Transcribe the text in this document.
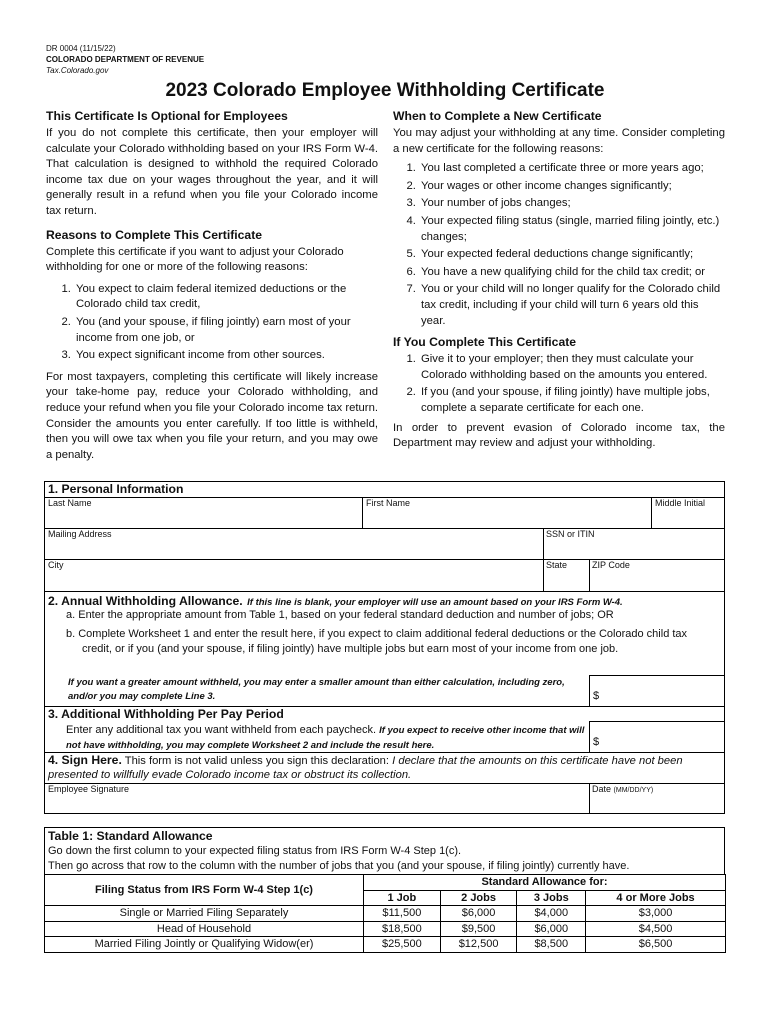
DR 0004 (11/15/22)
COLORADO DEPARTMENT OF REVENUE
Tax.Colorado.gov
2023 Colorado Employee Withholding Certificate
This Certificate Is Optional for Employees

If you do not complete this certificate, then your employer will calculate your Colorado withholding based on your IRS Form W-4. That calculation is designed to withhold the required Colorado income tax due on your wages throughout the year, and it will generally result in a refund when you file your Colorado income tax return.

Reasons to Complete This Certificate

Complete this certificate if you want to adjust your Colorado withholding for one or more of the following reasons:

1. You expect to claim federal itemized deductions or the Colorado child tax credit,
2. You (and your spouse, if filing jointly) earn most of your income from one job, or
3. You expect significant income from other sources.

For most taxpayers, completing this certificate will likely increase your take-home pay, reduce your Colorado withholding, and reduce your refund when you file your Colorado income tax return. Consider the amounts you enter carefully. If too little is withheld, then you will owe tax when you file your return, and you may owe a penalty.

When to Complete a New Certificate

You may adjust your withholding at any time. Consider completing a new certificate for the following reasons:

1. You last completed a certificate three or more years ago;
2. Your wages or other income changes significantly;
3. Your number of jobs changes;
4. Your expected filing status (single, married filing jointly, etc.) changes;
5. Your expected federal deductions change significantly;
6. You have a new qualifying child for the child tax credit; or
7. You or your child will no longer qualify for the Colorado child tax credit, including if your child will turn 6 years old this year.
If You Complete This Certificate
1. Give it to your employer; then they must calculate your Colorado withholding based on the amounts you entered.
2. If you (and your spouse, if filing jointly) have multiple jobs, complete a separate certificate for each one.

In order to prevent evasion of Colorado income tax, the Department may review and adjust your withholding.

1. Personal Information
Last Name	First Name	Middle Initial
Mailing Address	SSN or ITIN
City	State	ZIP Code
2. Annual Withholding Allowance. If this line is blank, your employer will use an amount based on your IRS Form W-4.
a. Enter the appropriate amount from Table 1, based on your federal standard deduction and number of jobs; OR
b. Complete Worksheet 1 and enter the result here, if you expect to claim additional federal deductions or the Colorado child tax credit, or if you (and your spouse, if filing jointly) have multiple jobs but earn most of your income from one job.
If you want a greater amount withheld, you may enter a smaller amount than either calculation, including zero, and/or you may complete Line 3.	$
3. Additional Withholding Per Pay Period
Enter any additional tax you want withheld from each paycheck. If you expect to receive other income that will not have withholding, you may complete Worksheet 2 and include the result here.	$
4. Sign Here. This form is not valid unless you sign this declaration: I declare that the amounts on this certificate have not been presented to willfully evade Colorado income tax or obstruct its collection.
Employee Signature	Date (MM/DD/YY)
Table 1: Standard Allowance
Go down the first column to your expected filing status from IRS Form W-4 Step 1(c).
Then go across that row to the column with the number of jobs that you (and your spouse, if filing jointly) currently have.
Filing Status from IRS Form W-4 Step 1(c)	Standard Allowance for:			
	1 Job	2 Jobs	3 Jobs	4 or More Jobs
Single or Married Filing Separately	$11,500	$6,000	$4,000	$3,000
Head of Household	$18,500	$9,500	$6,000	$4,500
Married Filing Jointly or Qualifying Widow(er)	$25,500	$12,500	$8,500	$6,500
